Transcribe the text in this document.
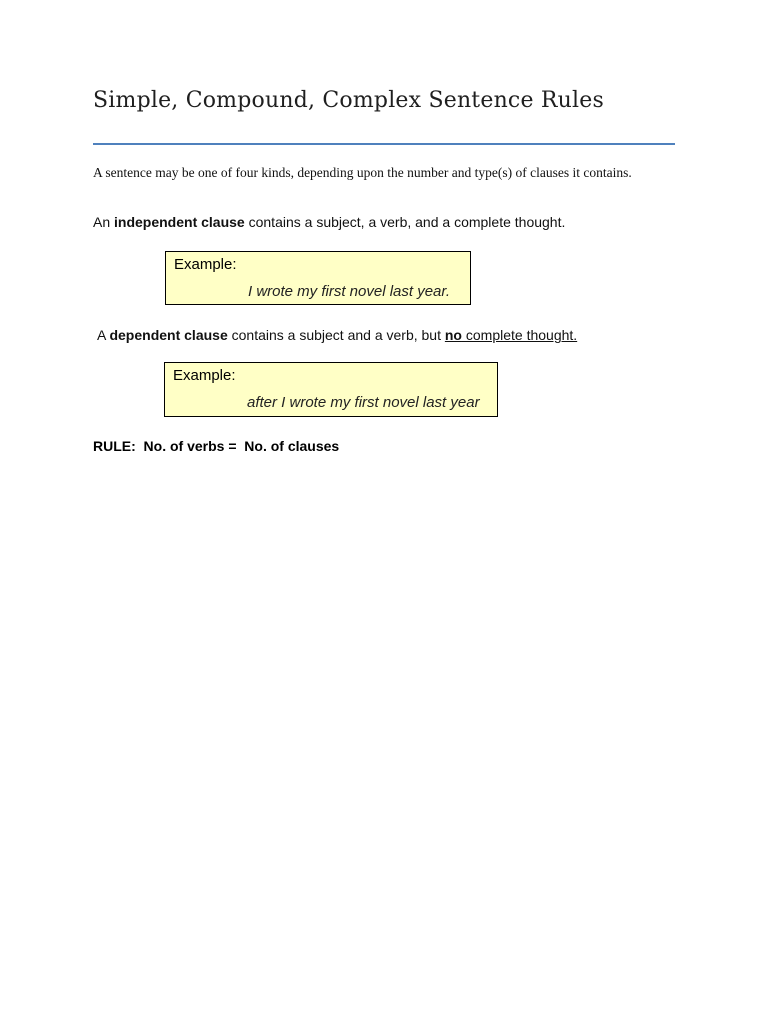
Simple, Compound, Complex Sentence Rules
A sentence may be one of four kinds, depending upon the number and type(s) of clauses it contains.
An independent clause contains a subject, a verb, and a complete thought.
Example:
I wrote my first novel last year.
A dependent clause contains a subject and a verb, but no complete thought.
Example:
after I wrote my first novel last year
RULE:  No. of verbs =  No. of clauses
